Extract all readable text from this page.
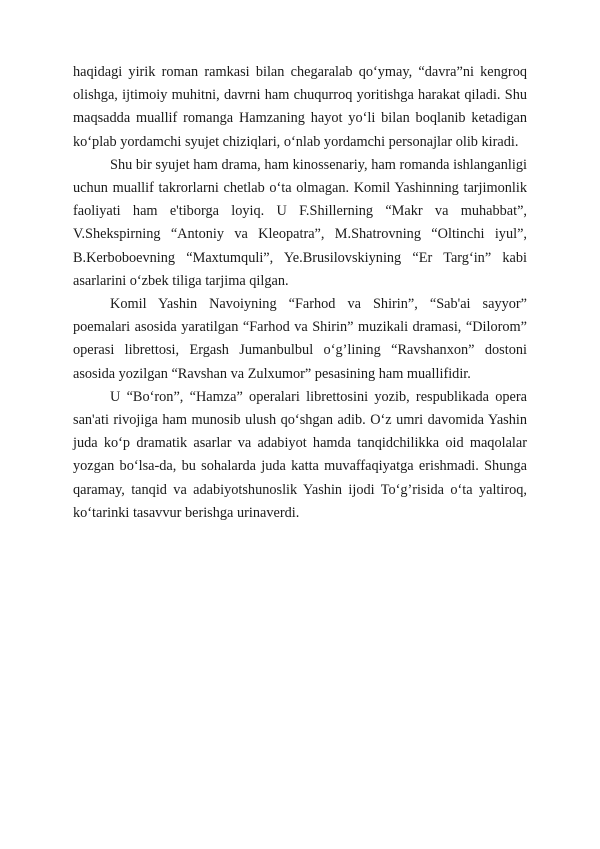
haqidagi yirik roman ramkasi bilan chegaralab qo‘ymay, “davra”ni kengroq olishga, ijtimoiy muhitni, davrni ham chuqurroq yoritishga harakat qiladi. Shu maqsadda muallif romanga Hamzaning hayot yo‘li bilan boqlanib ketadigan ko‘plab yordamchi syujet chiziqlari, o‘nlab yordamchi personajlar olib kiradi.

Shu bir syujet ham drama, ham kinossenariy, ham romanda ishlanganligi uchun muallif takrorlarni chetlab o‘ta olmagan. Komil Yashinning tarjimonlik faoliyati ham e'tiborga loyiq. U F.Shillerning “Makr va muhabbat”, V.Shekspirning “Antoniy va Kleopatra”, M.Shatrovning “Oltinchi iyul”, B.Kerboboevning “Maxtumquli”, Ye.Brusilovskiyning “Er Targ‘in” kabi asarlarini o‘zbek tiliga tarjima qilgan.

Komil Yashin Navoiyning “Farhod va Shirin”, “Sab'ai sayyor” poemalari asosida yaratilgan “Farhod va Shirin” muzikali dramasi, “Dilorom” operasi librettosi, Ergash Jumanbulbul o‘g’lining “Ravshanxon” dostoni asosida yozilgan “Ravshan va Zulxumor” pesasining ham muallifidir.

U “Bo‘ron”, “Hamza” operalari librettosini yozib, respublikada opera san'ati rivojiga ham munosib ulush qo‘shgan adib. O‘z umri davomida Yashin juda ko‘p dramatik asarlar va adabiyot hamda tanqidchilikka oid maqolalar yozgan bo‘lsa-da, bu sohalarda juda katta muvaffaqiyatga erishmadi. Shunga qaramay, tanqid va adabiyotshunoslik Yashin ijodi To‘g’risida o‘ta yaltiroq, ko‘tarinki tasavvur berishga urinaverdi.
